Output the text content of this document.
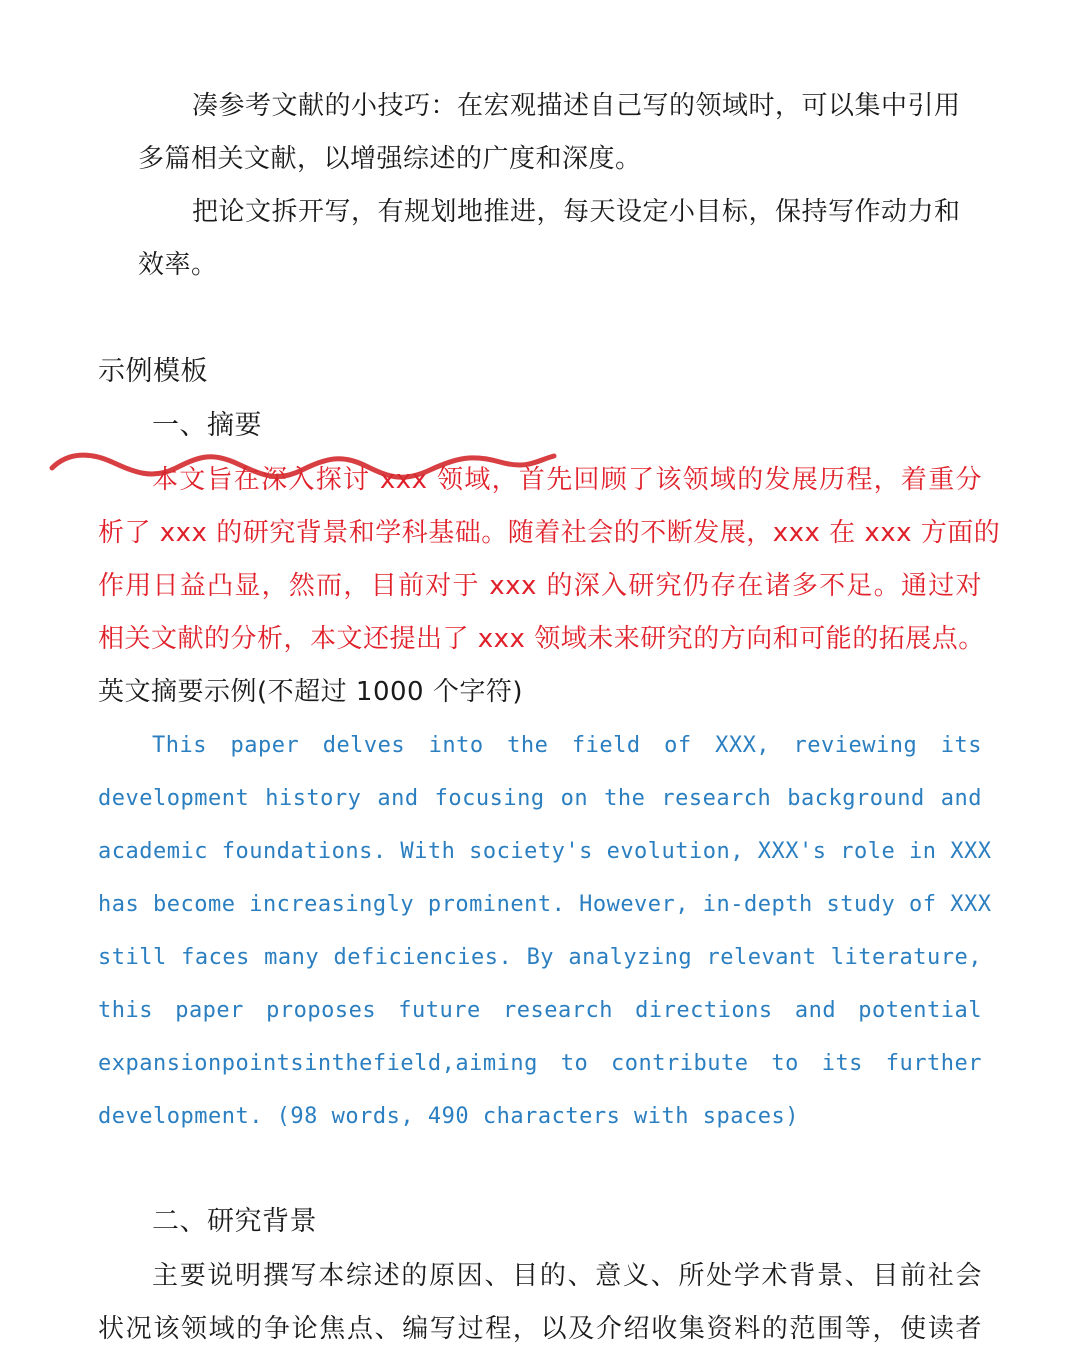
凑参考文献的小技巧：在宏观描述自己写的领域时，可以集中引用
多篇相关文献，以增强综述的广度和深度。
把论文拆开写，有规划地推进，每天设定小目标，保持写作动力和
效率。
示例模板
一、摘要
本文旨在深入探讨 xxx 领域，首先回顾了该领域的发展历程，着重分
析了 xxx 的研究背景和学科基础。随着社会的不断发展，xxx 在 xxx 方面的
作用日益凸显，然而，目前对于 xxx 的深入研究仍存在诸多不足。通过对
相关文献的分析，本文还提出了 xxx 领域未来研究的方向和可能的拓展点。
英文摘要示例(不超过 1000 个字符)
This paper delves into the field of XXX, reviewing its
development history and focusing on the research background and
academic foundations. With society's evolution, XXX's role in XXX
has become increasingly prominent. However, in-depth study of XXX
still faces many deficiencies. By analyzing relevant literature,
this paper proposes future research directions and potential
expansionpointsinthefield,aiming to contribute to its further
development. (98 words, 490 characters with spaces)
二、研究背景
主要说明撰写本综述的原因、目的、意义、所处学术背景、目前社会
状况该领域的争论焦点、编写过程，以及介绍收集资料的范围等，使读者
